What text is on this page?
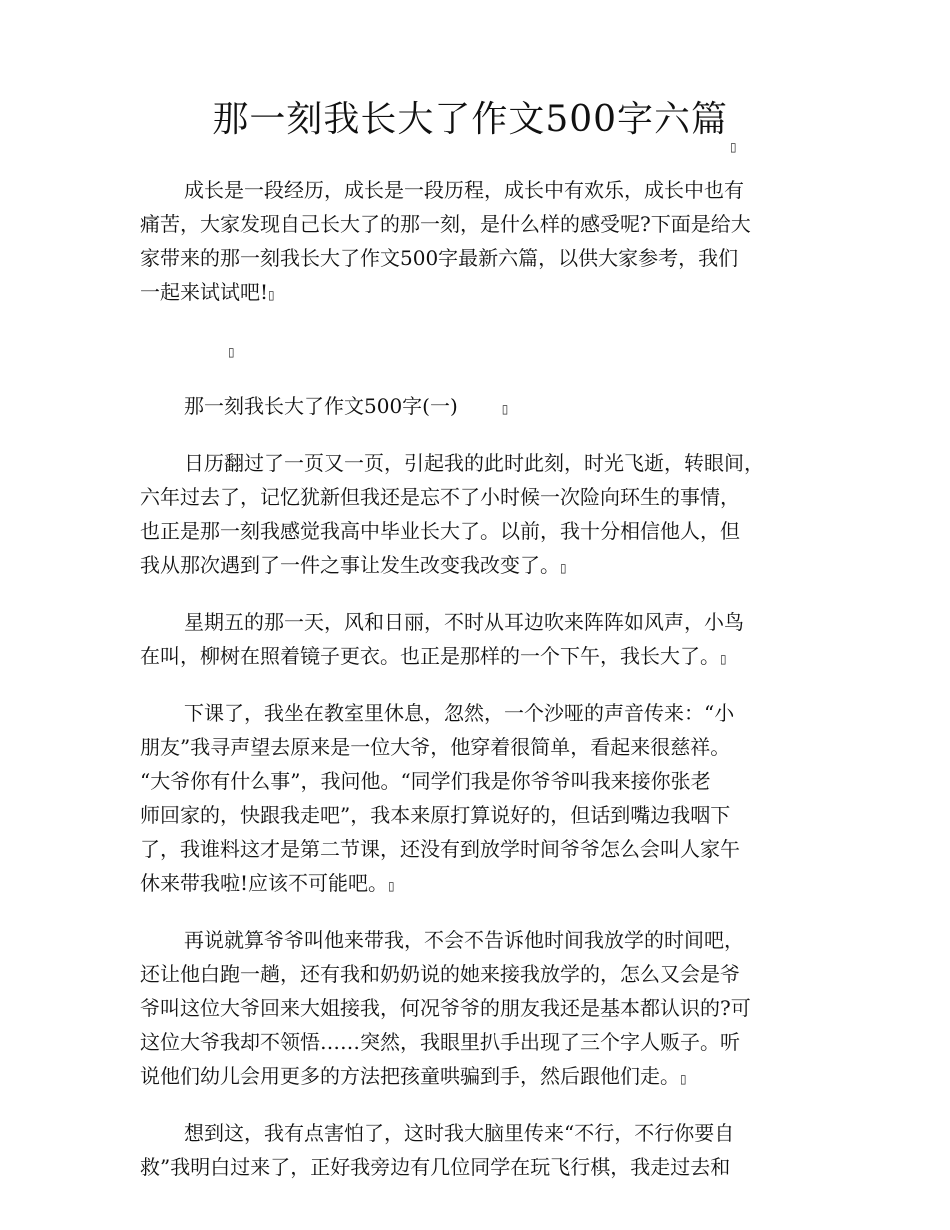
那一刻我长大了作文500字六篇▯
成长是一段经历，成长是一段历程，成长中有欢乐，成长中也有
痛苦，大家发现自己长大了的那一刻，是什么样的感受呢?下面是给大
家带来的那一刻我长大了作文500字最新六篇，以供大家参考，我们
一起来试试吧!▯
▯
那一刻我长大了作文500字(一)	▯
日历翻过了一页又一页，引起我的此时此刻，时光飞逝，转眼间，
六年过去了，记忆犹新但我还是忘不了小时候一次险向环生的事情，
也正是那一刻我感觉我高中毕业长大了。以前，我十分相信他人，但
我从那次遇到了一件之事让发生改变我改变了。▯
星期五的那一天，风和日丽，不时从耳边吹来阵阵如风声，小鸟
在叫，柳树在照着镜子更衣。也正是那样的一个下午，我长大了。▯
下课了，我坐在教室里休息，忽然，一个沙哑的声音传来：“小
朋友”我寻声望去原来是一位大爷，他穿着很简单，看起来很慈祥。
“大爷你有什么事”，我问他。“同学们我是你爷爷叫我来接你张老
师回家的，快跟我走吧”，我本来原打算说好的，但话到嘴边我咽下
了，我谁料这才是第二节课，还没有到放学时间爷爷怎么会叫人家午
休来带我啦!应该不可能吧。▯
再说就算爷爷叫他来带我，不会不告诉他时间我放学的时间吧，
还让他白跑一趟，还有我和奶奶说的她来接我放学的，怎么又会是爷
爷叫这位大爷回来大姐接我，何况爷爷的朋友我还是基本都认识的?可
这位大爷我却不领悟……突然，我眼里扒手出现了三个字人贩子。听
说他们幼儿会用更多的方法把孩童哄骗到手，然后跟他们走。▯
想到这，我有点害怕了，这时我大脑里传来“不行，不行你要自
救”我明白过来了，正好我旁边有几位同学在玩飞行棋，我走过去和
